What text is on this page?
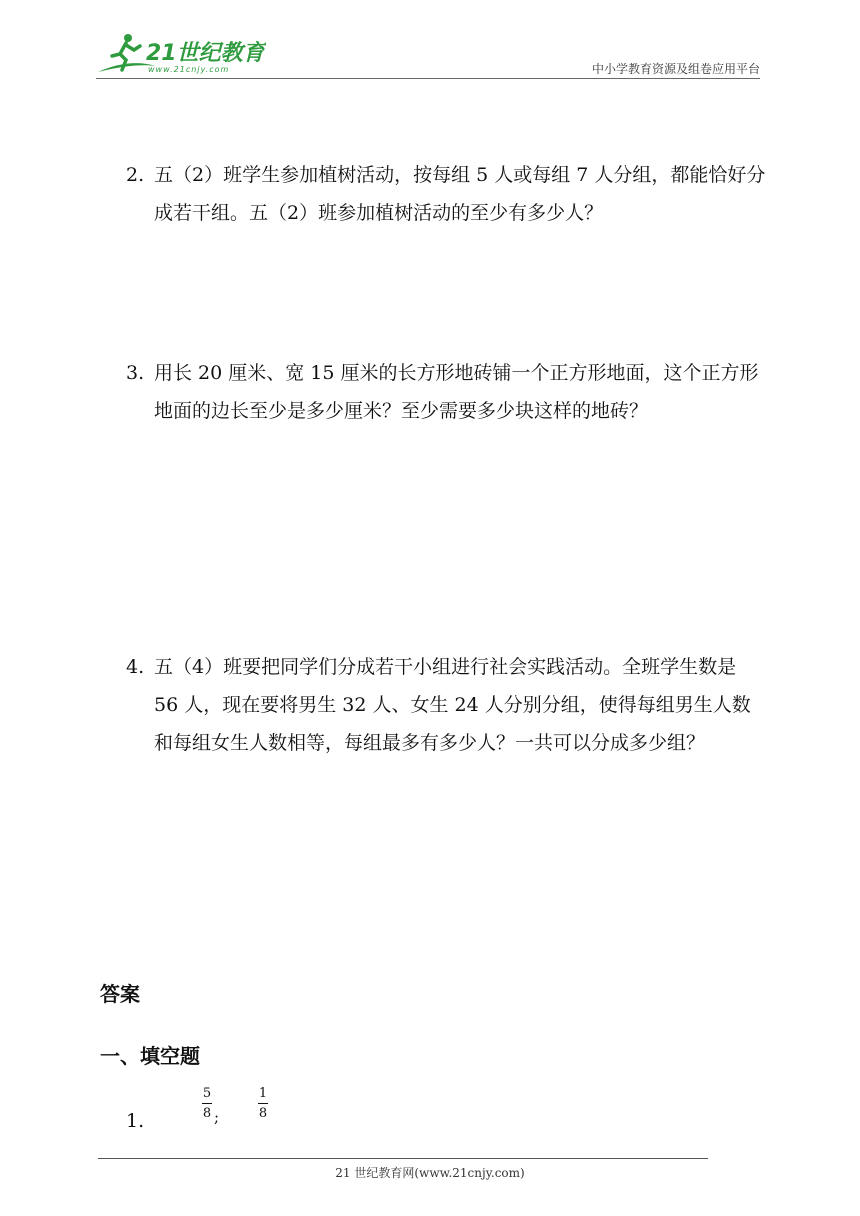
21世纪教育
www.21cnjy.com	中小学教育资源及组卷应用平台
2. 五（2）班学生参加植树活动，按每组 5 人或每组 7 人分组，都能恰好分成若干组。五（2）班参加植树活动的至少有多少人？
3. 用长 20 厘米、宽 15 厘米的长方形地砖铺一个正方形地面，这个正方形地面的边长至少是多少厘米？至少需要多少块这样的地砖？
4. 五（4）班要把同学们分成若干小组进行社会实践活动。全班学生数是 56 人，现在要将男生 32 人、女生 24 人分别分组，使得每组男生人数和每组女生人数相等，每组最多有多少人？一共可以分成多少组？
答案
一、填空题
1.
5
8 ;
1
8
21 世纪教育网(www.21cnjy.com)
